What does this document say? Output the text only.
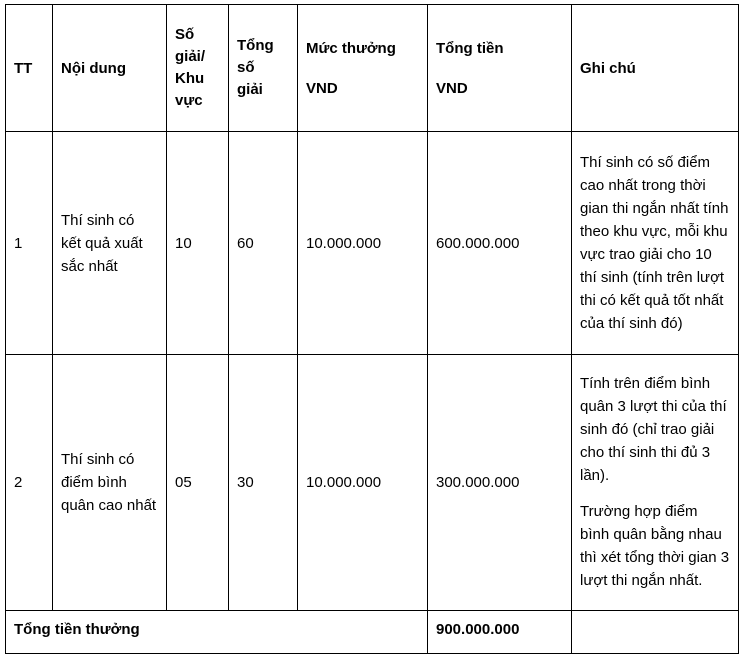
TT	Nội dung	Số
giải/
Khu
vực	Tổng
số
giải	Mức thưởng
VND	Tổng tiền
VND	Ghi chú
1	Thí sinh có kết quả xuất sắc nhất	10	60	10.000.000	600.000.000	Thí sinh có số điểm cao nhất trong thời gian thi ngắn nhất tính theo khu vực, mỗi khu vực trao giải cho 10 thí sinh (tính trên lượt thi có kết quả tốt nhất của thí sinh đó)

2	Thí sinh có điểm bình quân cao nhất	05	30	10.000.000	300.000.000	Tính trên điểm bình quân 3 lượt thi của thí sinh đó (chỉ trao giải cho thí sinh thi đủ 3 lần).

Trường hợp điểm bình quân bằng nhau thì xét tổng thời gian 3 lượt thi ngắn nhất.

Tổng tiền thưởng					900.000.000	
